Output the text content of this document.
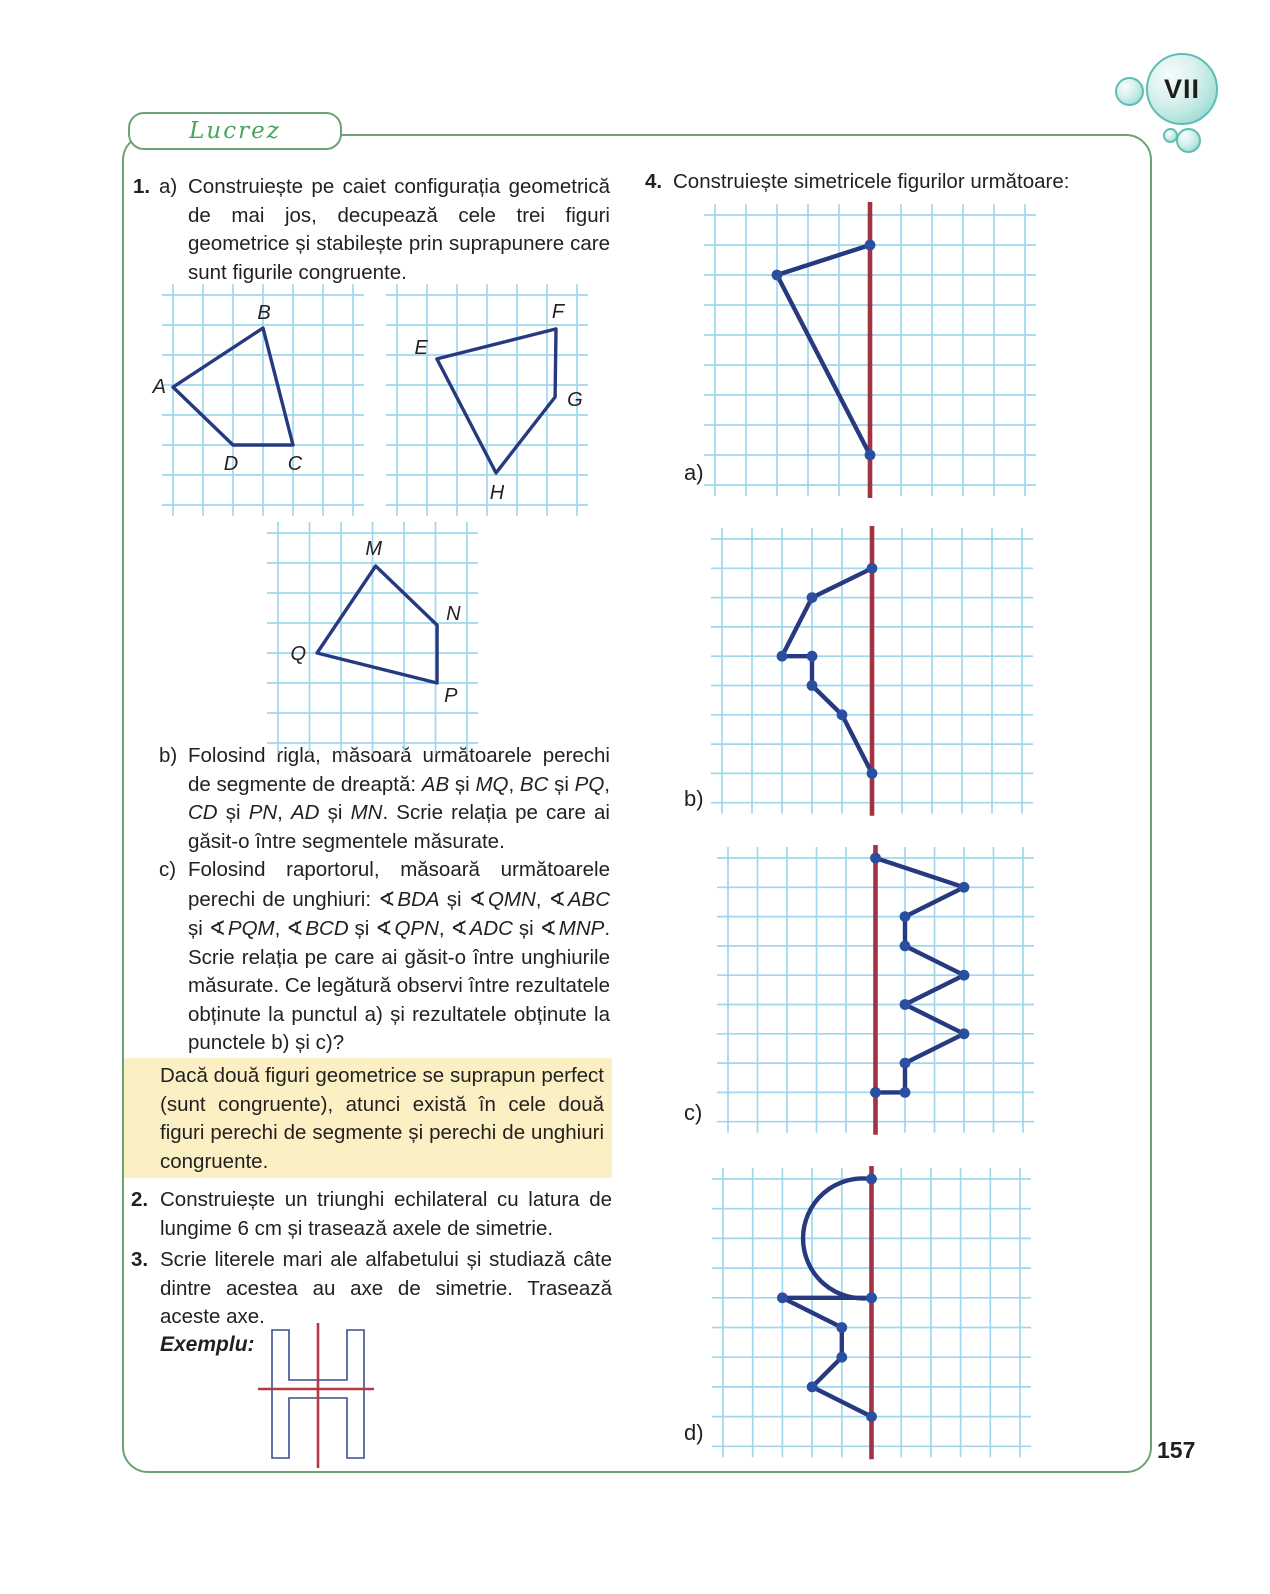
Lucrez
VII
1. a) Construiește pe caiet configurația geometrică de mai jos, decupează cele trei figuri geometrice și stabilește prin suprapunere care sunt figurile congruente.
b) Folosind rigla, măsoară următoarele perechi de segmente de dreaptă: AB și MQ, BC și PQ, CD și PN, AD și MN. Scrie relația pe care ai găsit-o între segmentele măsurate.
c) Folosind raportorul, măsoară următoarele perechi de unghiuri: ∢BDA și ∢QMN, ∢ABC și ∢PQM, ∢BCD și ∢QPN, ∢ADC și ∢MNP. Scrie relația pe care ai găsit-o între unghiurile măsurate. Ce legătură observi între rezultatele obținute la punctul a) și rezultatele obținute la punctele b) și c)?
Dacă două figuri geometrice se suprapun perfect (sunt congruente), atunci există în cele două figuri perechi de segmente și perechi de unghiuri congruente.
2. Construiește un triunghi echilateral cu latura de lungime 6 cm și trasează axele de simetrie.
3. Scrie literele mari ale alfabetului și studiază câte dintre acestea au axe de simetrie. Trasează aceste axe.
Exemplu:
4. Construiește simetricele figurilor următoare:
a)
b)
c)
d)
A
B
C
D
E
F
G
H
M
N
P
Q
157
